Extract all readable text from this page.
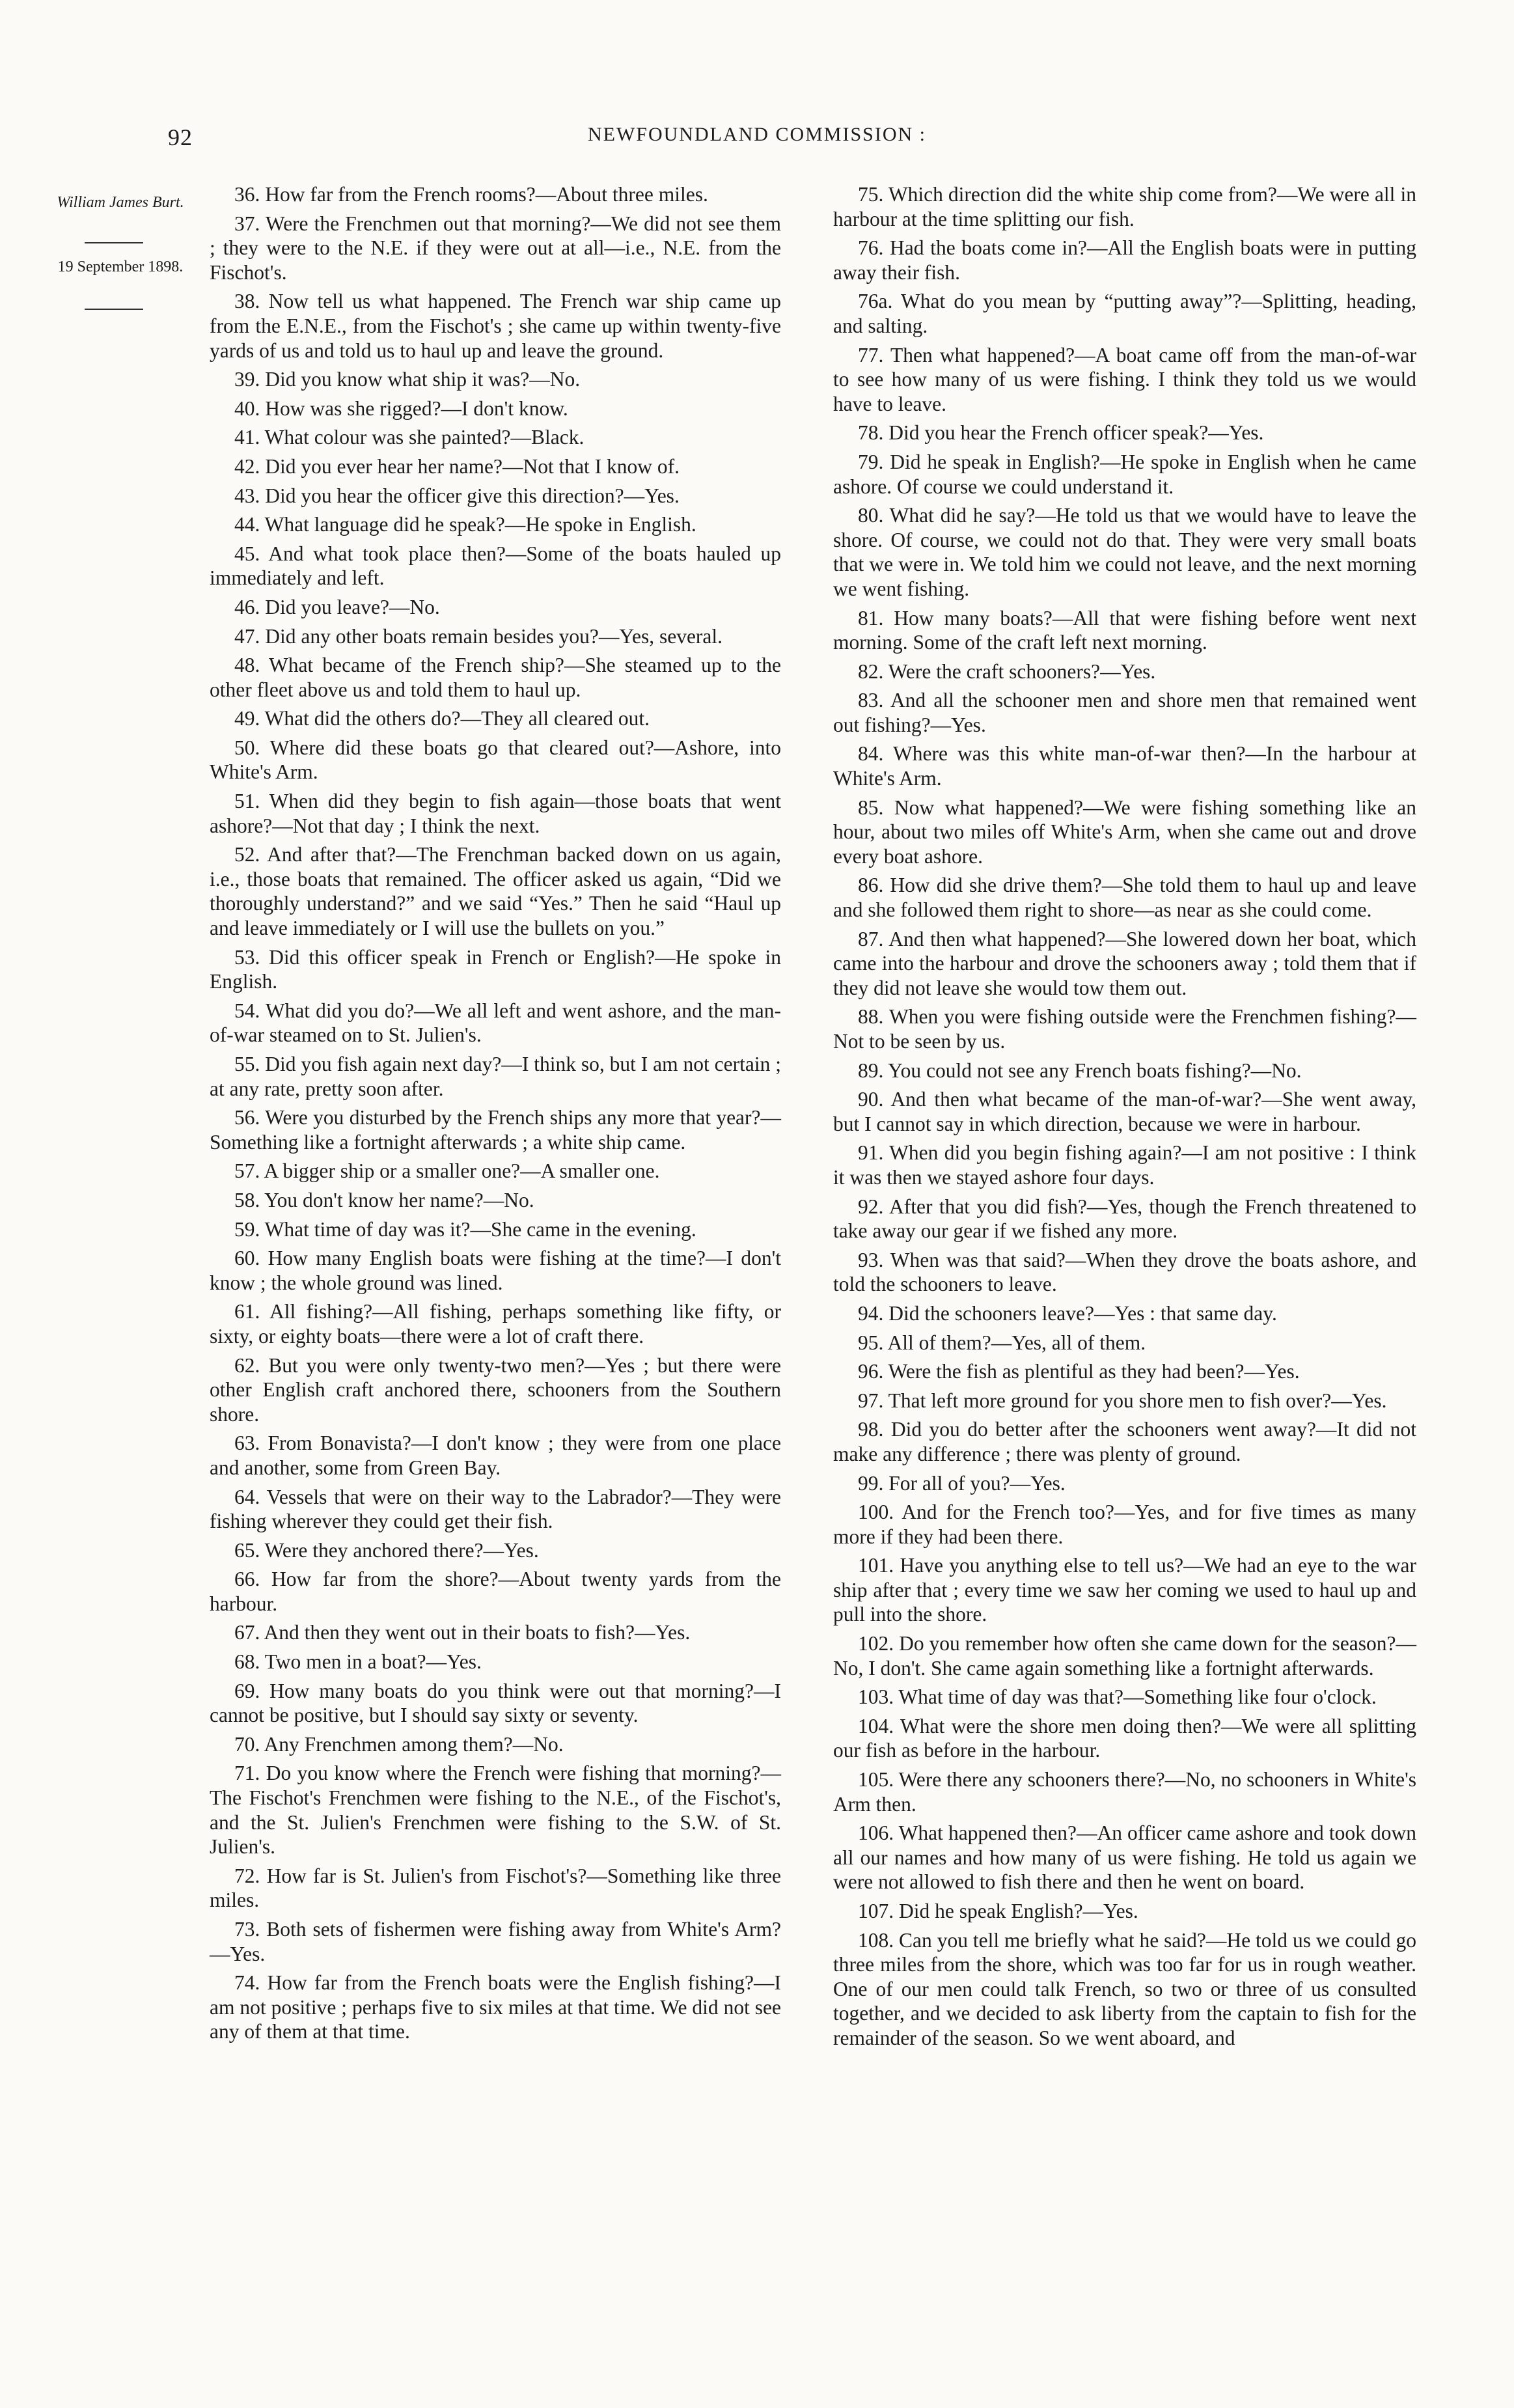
92	NEWFOUNDLAND COMMISSION :
William James Burt.
19 September 1898.

36. How far from the French rooms?—About three miles.

37. Were the Frenchmen out that morning?—We did not see them ; they were to the N.E. if they were out at all—i.e., N.E. from the Fischot's.

38. Now tell us what happened. The French war ship came up from the E.N.E., from the Fischot's ; she came up within twenty-five yards of us and told us to haul up and leave the ground.

39. Did you know what ship it was?—No.

40. How was she rigged?—I don't know.

41. What colour was she painted?—Black.

42. Did you ever hear her name?—Not that I know of.

43. Did you hear the officer give this direction?—Yes.

44. What language did he speak?—He spoke in English.

45. And what took place then?—Some of the boats hauled up immediately and left.

46. Did you leave?—No.

47. Did any other boats remain besides you?—Yes, several.

48. What became of the French ship?—She steamed up to the other fleet above us and told them to haul up.

49. What did the others do?—They all cleared out.

50. Where did these boats go that cleared out?—Ashore, into White's Arm.

51. When did they begin to fish again—those boats that went ashore?—Not that day ; I think the next.

52. And after that?—The Frenchman backed down on us again, i.e., those boats that remained. The officer asked us again, “Did we thoroughly understand?” and we said “Yes.” Then he said “Haul up and leave immediately or I will use the bullets on you.”

53. Did this officer speak in French or English?—He spoke in English.

54. What did you do?—We all left and went ashore, and the man-of-war steamed on to St. Julien's.

55. Did you fish again next day?—I think so, but I am not certain ; at any rate, pretty soon after.

56. Were you disturbed by the French ships any more that year?—Something like a fortnight afterwards ; a white ship came.

57. A bigger ship or a smaller one?—A smaller one.

58. You don't know her name?—No.

59. What time of day was it?—She came in the evening.

60. How many English boats were fishing at the time?—I don't know ; the whole ground was lined.

61. All fishing?—All fishing, perhaps something like fifty, or sixty, or eighty boats—there were a lot of craft there.

62. But you were only twenty-two men?—Yes ; but there were other English craft anchored there, schooners from the Southern shore.

63. From Bonavista?—I don't know ; they were from one place and another, some from Green Bay.

64. Vessels that were on their way to the Labrador?—They were fishing wherever they could get their fish.

65. Were they anchored there?—Yes.

66. How far from the shore?—About twenty yards from the harbour.

67. And then they went out in their boats to fish?—Yes.

68. Two men in a boat?—Yes.

69. How many boats do you think were out that morning?—I cannot be positive, but I should say sixty or seventy.

70. Any Frenchmen among them?—No.

71. Do you know where the French were fishing that morning?—The Fischot's Frenchmen were fishing to the N.E., of the Fischot's, and the St. Julien's Frenchmen were fishing to the S.W. of St. Julien's.

72. How far is St. Julien's from Fischot's?—Something like three miles.

73. Both sets of fishermen were fishing away from White's Arm?—Yes.

74. How far from the French boats were the English fishing?—I am not positive ; perhaps five to six miles at that time. We did not see any of them at that time.

75. Which direction did the white ship come from?—We were all in harbour at the time splitting our fish.

76. Had the boats come in?—All the English boats were in putting away their fish.

76a. What do you mean by “putting away”?—Splitting, heading, and salting.

77. Then what happened?—A boat came off from the man-of-war to see how many of us were fishing. I think they told us we would have to leave.

78. Did you hear the French officer speak?—Yes.

79. Did he speak in English?—He spoke in English when he came ashore. Of course we could understand it.

80. What did he say?—He told us that we would have to leave the shore. Of course, we could not do that. They were very small boats that we were in. We told him we could not leave, and the next morning we went fishing.

81. How many boats?—All that were fishing before went next morning. Some of the craft left next morning.

82. Were the craft schooners?—Yes.

83. And all the schooner men and shore men that remained went out fishing?—Yes.

84. Where was this white man-of-war then?—In the harbour at White's Arm.

85. Now what happened?—We were fishing something like an hour, about two miles off White's Arm, when she came out and drove every boat ashore.

86. How did she drive them?—She told them to haul up and leave and she followed them right to shore—as near as she could come.

87. And then what happened?—She lowered down her boat, which came into the harbour and drove the schooners away ; told them that if they did not leave she would tow them out.

88. When you were fishing outside were the Frenchmen fishing?—Not to be seen by us.

89. You could not see any French boats fishing?—No.

90. And then what became of the man-of-war?—She went away, but I cannot say in which direction, because we were in harbour.

91. When did you begin fishing again?—I am not positive : I think it was then we stayed ashore four days.

92. After that you did fish?—Yes, though the French threatened to take away our gear if we fished any more.

93. When was that said?—When they drove the boats ashore, and told the schooners to leave.

94. Did the schooners leave?—Yes : that same day.

95. All of them?—Yes, all of them.

96. Were the fish as plentiful as they had been?—Yes.

97. That left more ground for you shore men to fish over?—Yes.

98. Did you do better after the schooners went away?—It did not make any difference ; there was plenty of ground.

99. For all of you?—Yes.

100. And for the French too?—Yes, and for five times as many more if they had been there.

101. Have you anything else to tell us?—We had an eye to the war ship after that ; every time we saw her coming we used to haul up and pull into the shore.

102. Do you remember how often she came down for the season?—No, I don't. She came again something like a fortnight afterwards.

103. What time of day was that?—Something like four o'clock.

104. What were the shore men doing then?—We were all splitting our fish as before in the harbour.

105. Were there any schooners there?—No, no schooners in White's Arm then.

106. What happened then?—An officer came ashore and took down all our names and how many of us were fishing. He told us again we were not allowed to fish there and then he went on board.

107. Did he speak English?—Yes.

108. Can you tell me briefly what he said?—He told us we could go three miles from the shore, which was too far for us in rough weather. One of our men could talk French, so two or three of us consulted together, and we decided to ask liberty from the captain to fish for the remainder of the season. So we went aboard, and
